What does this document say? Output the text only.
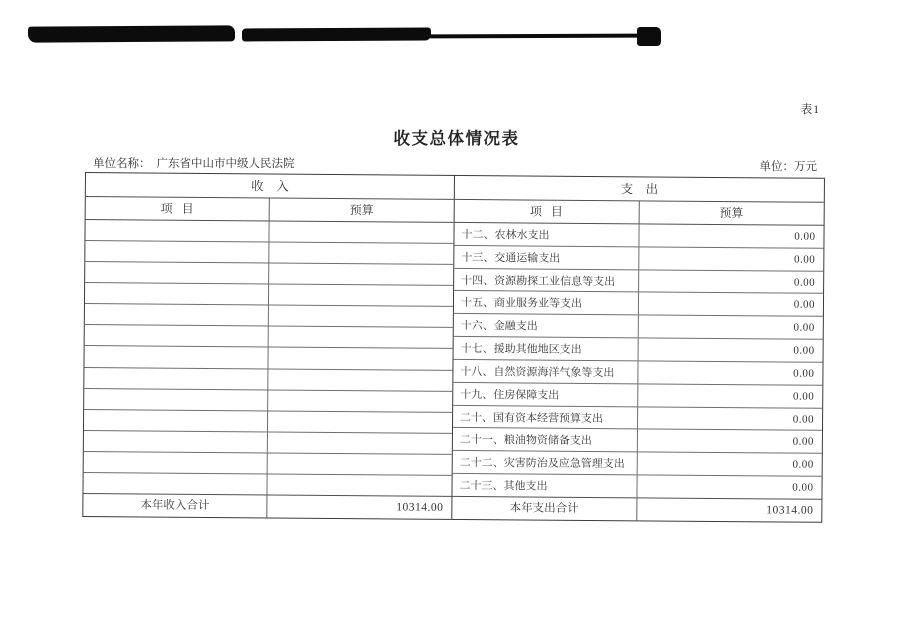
表1
收支总体情况表
单位名称： 广东省中山市中级人民法院	单位：万元
收    入
项   目	预算
本年收入合计	10314.00
支    出
项   目	预算
十二、农林水支出	0.00
十三、交通运输支出	0.00
十四、资源勘探工业信息等支出	0.00
十五、商业服务业等支出	0.00
十六、金融支出	0.00
十七、援助其他地区支出	0.00
十八、自然资源海洋气象等支出	0.00
十九、住房保障支出	0.00
二十、国有资本经营预算支出	0.00
二十一、粮油物资储备支出	0.00
二十二、灾害防治及应急管理支出	0.00
二十三、其他支出	0.00
本年支出合计	10314.00
